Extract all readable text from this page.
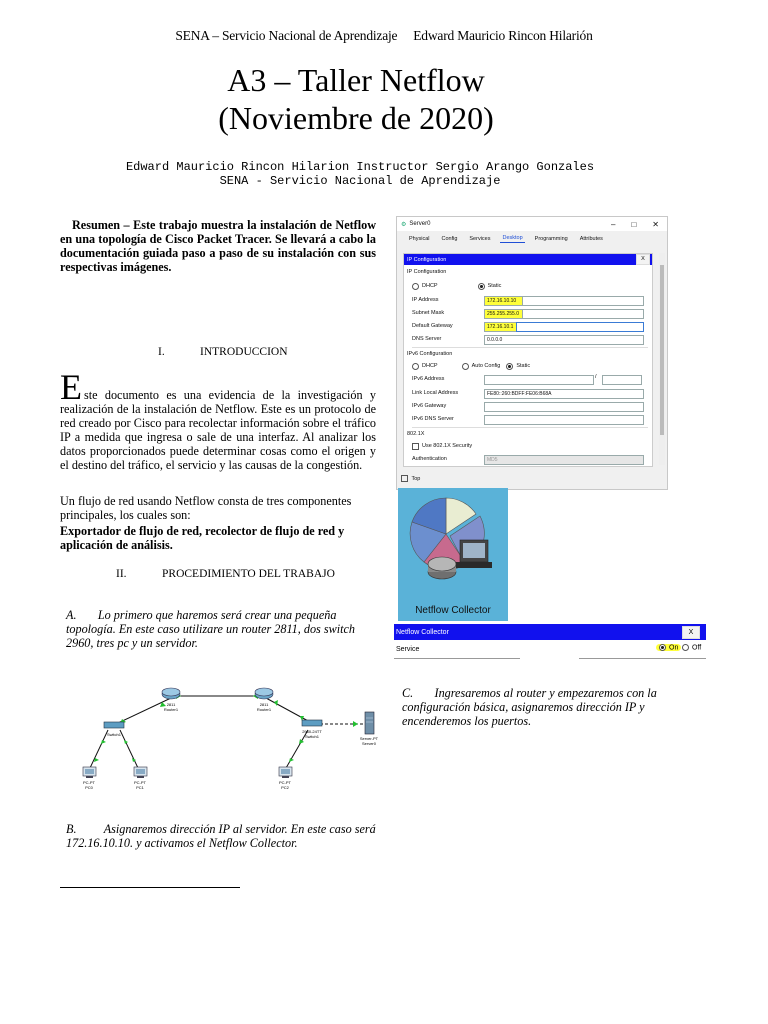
SENA – Servicio Nacional de Aprendizaje Edward Mauricio Rincon Hilarión
A3 – Taller Netflow
(Noviembre de 2020)
Edward Mauricio Rincon Hilarion Instructor Sergio Arango Gonzales
SENA - Servicio Nacional de Aprendizaje
Resumen – Este trabajo muestra la instalación de Netflow en una topología de Cisco Packet Tracer. Se llevará a cabo la documentación guiada paso a paso de su instalación con sus respectivas imágenes.
I.	INTRODUCCION
E ste documento es una evidencia de la investigación y realización de la instalación de Netflow. Este es un protocolo de red creado por Cisco para recolectar información sobre el tráfico IP a medida que ingresa o sale de una interfaz. Al analizar los datos proporcionados puede determinar cosas como el origen y el destino del tráfico, el servicio y las causas de la congestión.
Un flujo de red usando Netflow consta de tres componentes principales, los cuales son:
Exportador de flujo de red, recolector de flujo de red y aplicación de análisis.
II.	PROCEDIMIENTO DEL TRABAJO
A. Lo primero que haremos será crear una pequeña topología. En este caso utilizare un router 2811, dos switch 2960, tres pc y un servidor.
2811
Router1
2811
Router1
Switch1
2960-24TT
Switch1	Server-PT
Server0
PC-PT
PC0
PC-PT
PC1
PC-PT
PC2
B. Asignaremos dirección IP al servidor. En este caso será 172.16.10.10. y activamos el Netflow Collector.
C. Ingresaremos al router y empezaremos con la configuración básica, asignaremos dirección IP y encenderemos los puertos.
⚙ Server0	– □ ✕
Physical	Config	Services	Desktop	Programming	Attributes
IP Configuration	X
IP Configuration
DHCP	Static
IP Address	172.16.10.10
Subnet Mask	255.255.255.0
Default Gateway	172.16.10.1
DNS Server	0.0.0.0
IPv6 Configuration
DHCP	Auto Config	Static
IPv6 Address	/
Link Local Address	FE80::260:BDFF:FE06:B68A
IPv6 Gateway
IPv6 DNS Server
802.1X
Use 802.1X Security
Authentication	MD5
Top
Netflow Collector
Netflow Collector	X
Service	On	Off
